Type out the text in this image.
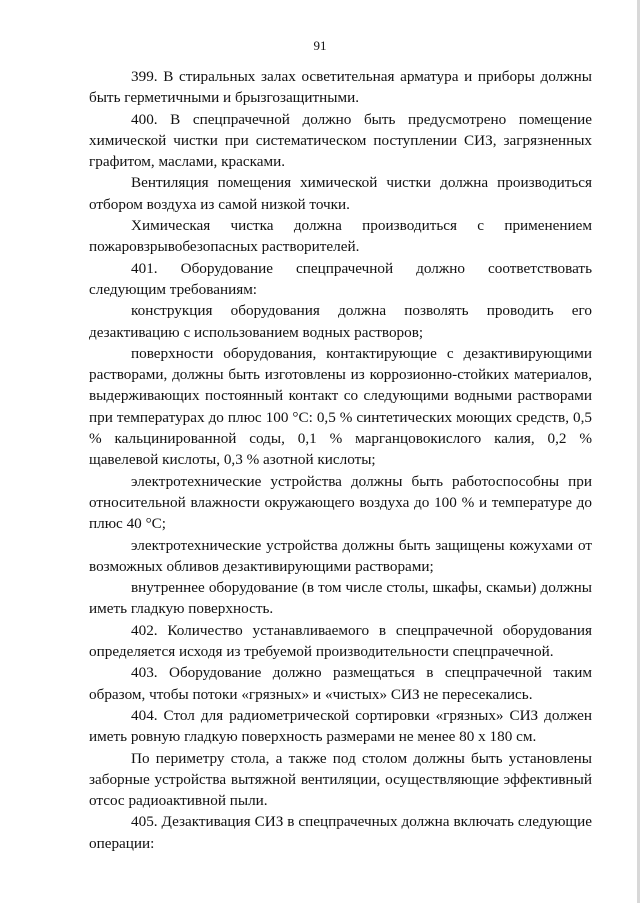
91

399. В стиральных залах осветительная арматура и приборы должны быть герметичными и брызгозащитными.

400. В спецпрачечной должно быть предусмотрено помещение химической чистки при систематическом поступлении СИЗ, загрязненных графитом, маслами, красками.

Вентиляция помещения химической чистки должна производиться отбором воздуха из самой низкой точки.

Химическая чистка должна производиться с применением пожаровзрывобезопасных растворителей.

401. Оборудование спецпрачечной должно соответствовать следующим требованиям:

конструкция оборудования должна позволять проводить его дезактивацию с использованием водных растворов;

поверхности оборудования, контактирующие с дезактивирующими растворами, должны быть изготовлены из коррозионно-стойких материалов, выдерживающих постоянный контакт со следующими водными растворами при температурах до плюс 100 °С: 0,5 % синтетических моющих средств, 0,5 % кальцинированной соды, 0,1 % марганцовокислого калия, 0,2 % щавелевой кислоты, 0,3 % азотной кислоты;

электротехнические устройства должны быть работоспособны при относительной влажности окружающего воздуха до 100 % и температуре до плюс 40 °С;

электротехнические устройства должны быть защищены кожухами от возможных обливов дезактивирующими растворами;

внутреннее оборудование (в том числе столы, шкафы, скамьи) должны иметь гладкую поверхность.

402. Количество устанавливаемого в спецпрачечной оборудования определяется исходя из требуемой производительности спецпрачечной.

403. Оборудование должно размещаться в спецпрачечной таким образом, чтобы потоки «грязных» и «чистых» СИЗ не пересекались.

404. Стол для радиометрической сортировки «грязных» СИЗ должен иметь ровную гладкую поверхность размерами не менее 80 х 180 см.

По периметру стола, а также под столом должны быть установлены заборные устройства вытяжной вентиляции, осуществляющие эффективный отсос радиоактивной пыли.

405. Дезактивация СИЗ в спецпрачечных должна включать следующие операции:
